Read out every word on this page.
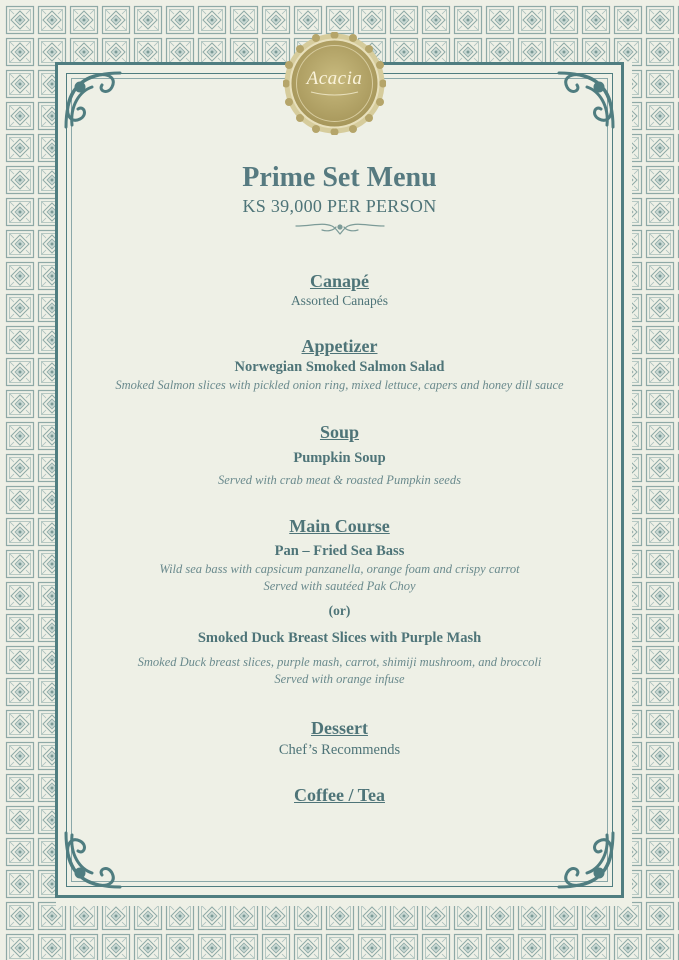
Acacia

Prime Set Menu

KS 39,000 PER PERSON

Canapé

Assorted Canapés

Appetizer

Norwegian Smoked Salmon Salad

Smoked Salmon slices with pickled onion ring, mixed lettuce, capers and honey dill sauce

Soup

Pumpkin Soup

Served with crab meat & roasted Pumpkin seeds

Main Course

Pan – Fried Sea Bass

Wild sea bass with capsicum panzanella, orange foam and crispy carrot

Served with sautéed Pak Choy

(or)

Smoked Duck Breast Slices with Purple Mash

Smoked Duck breast slices, purple mash, carrot, shimiji mushroom, and broccoli

Served with orange infuse

Dessert

Chef’s Recommends

Coffee / Tea
